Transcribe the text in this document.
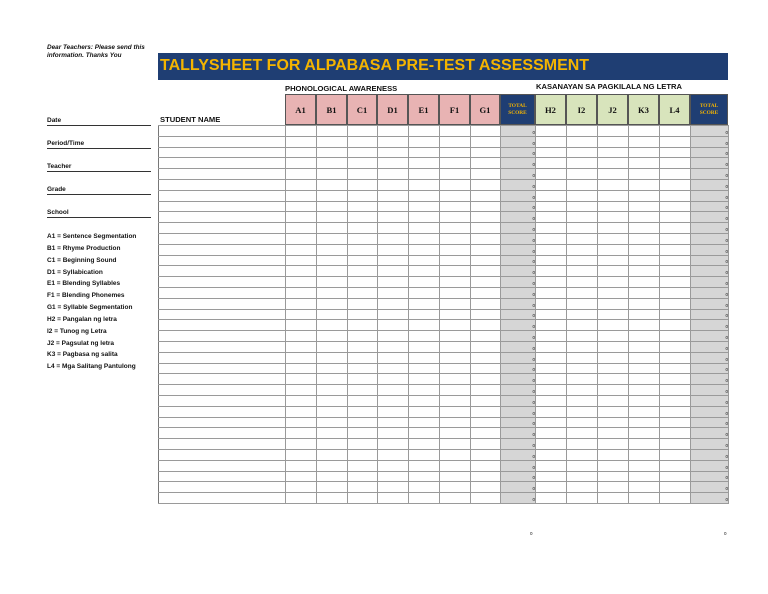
Dear Teachers: Please send this information. Thanks You
TALLYSHEET FOR ALPABASA PRE-TEST ASSESSMENT
Date
Period/Time
Teacher
Grade
School
A1 = Sentence Segmentation
B1 = Rhyme Production
C1 = Beginning Sound
D1 = Syllabication
E1 = Blending Syllables
F1 = Blending Phonemes
G1 = Syllable Segmentation
H2 = Pangalan ng letra
I2 = Tunog ng Letra
J2 = Pagsulat ng letra
K3 = Pagbasa ng salita
L4 = Mga Salitang Pantulong
PHONOLOGICAL AWARENESS	KASANAYAN SA PAGKILALA NG LETRA
STUDENT NAME
A1	B1	C1	D1	E1	F1	G1	TOTAL SCORE	H2	I2	J2	K3	L4	TOTAL SCORE
								0						0
								0						0
								0						0
								0						0
								0						0
								0						0
								0						0
								0						0
								0						0
								0						0
								0						0
								0						0
								0						0
								0						0
								0						0
								0						0
								0						0
								0						0
								0						0
								0						0
								0						0
								0						0
								0						0
								0						0
								0						0
								0						0
								0						0
								0						0
								0						0
								0						0
								0						0
								0						0
								0						0
								0						0
								0						0
0	0
